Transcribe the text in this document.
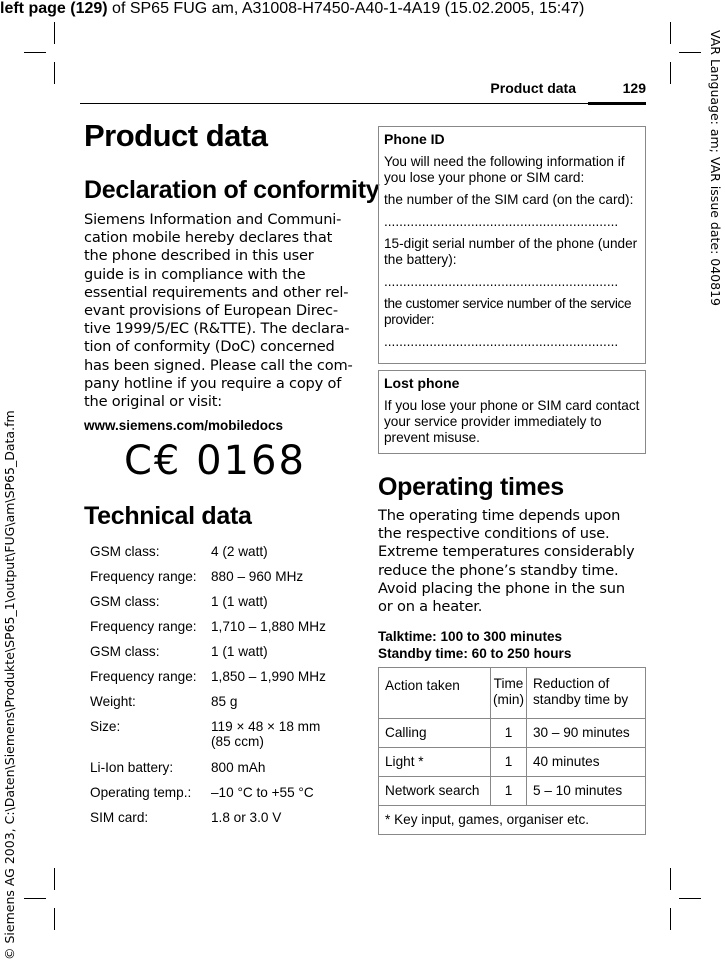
left page (129) of SP65 FUG am, A31008-H7450-A40-1-4A19 (15.02.2005, 15:47)
VAR Language: am; VAR issue date: 040819
© Siemens AG 2003, C:\Daten\Siemens\Produkte\SP65_1\output\FUG\am\SP65_Data.fm
Product data	129
Product data
Declaration of conformity
Siemens Information and Communi-
cation mobile hereby declares that
the phone described in this user
guide is in compliance with the
essential requirements and other rel-
evant provisions of European Direc-
tive 1999/5/EC (R&TTE). The declara-
tion of conformity (DoC) concerned
has been signed. Please call the com-
pany hotline if you require a copy of
the original or visit:
www.siemens.com/mobiledocs
C€ 0168
Technical data
GSM class:	4 (2 watt)
Frequency range:	880 – 960 MHz
GSM class:	1 (1 watt)
Frequency range:	1,710 – 1,880 MHz
GSM class:	1 (1 watt)
Frequency range:	1,850 – 1,990 MHz
Weight:	85 g
Size:	119 × 48 × 18 mm
(85 ccm)

Li-Ion battery:	800 mAh
Operating temp.:	–10 °C to +55 °C
SIM card:	1.8 or 3.0 V
Phone ID

You will need the following information if you lose your phone or SIM card:

the number of the SIM card (on the card):

..............................................................

15-digit serial number of the phone (under the battery):

..............................................................

the customer service number of the service provider:

..............................................................

Lost phone

If you lose your phone or SIM card contact your service provider immediately to prevent misuse.

Operating times
The operating time depends upon
the respective conditions of use.
Extreme temperatures considerably
reduce the phone’s standby time.
Avoid placing the phone in the sun
or on a heater.
Talktime: 100 to 300 minutes
Standby time: 60 to 250 hours
Action taken	Time (min)	Reduction of standby time by
Calling	1	30 – 90 minutes
Light *	1	40 minutes
Network search	1	5 – 10 minutes
* Key input, games, organiser etc.		
